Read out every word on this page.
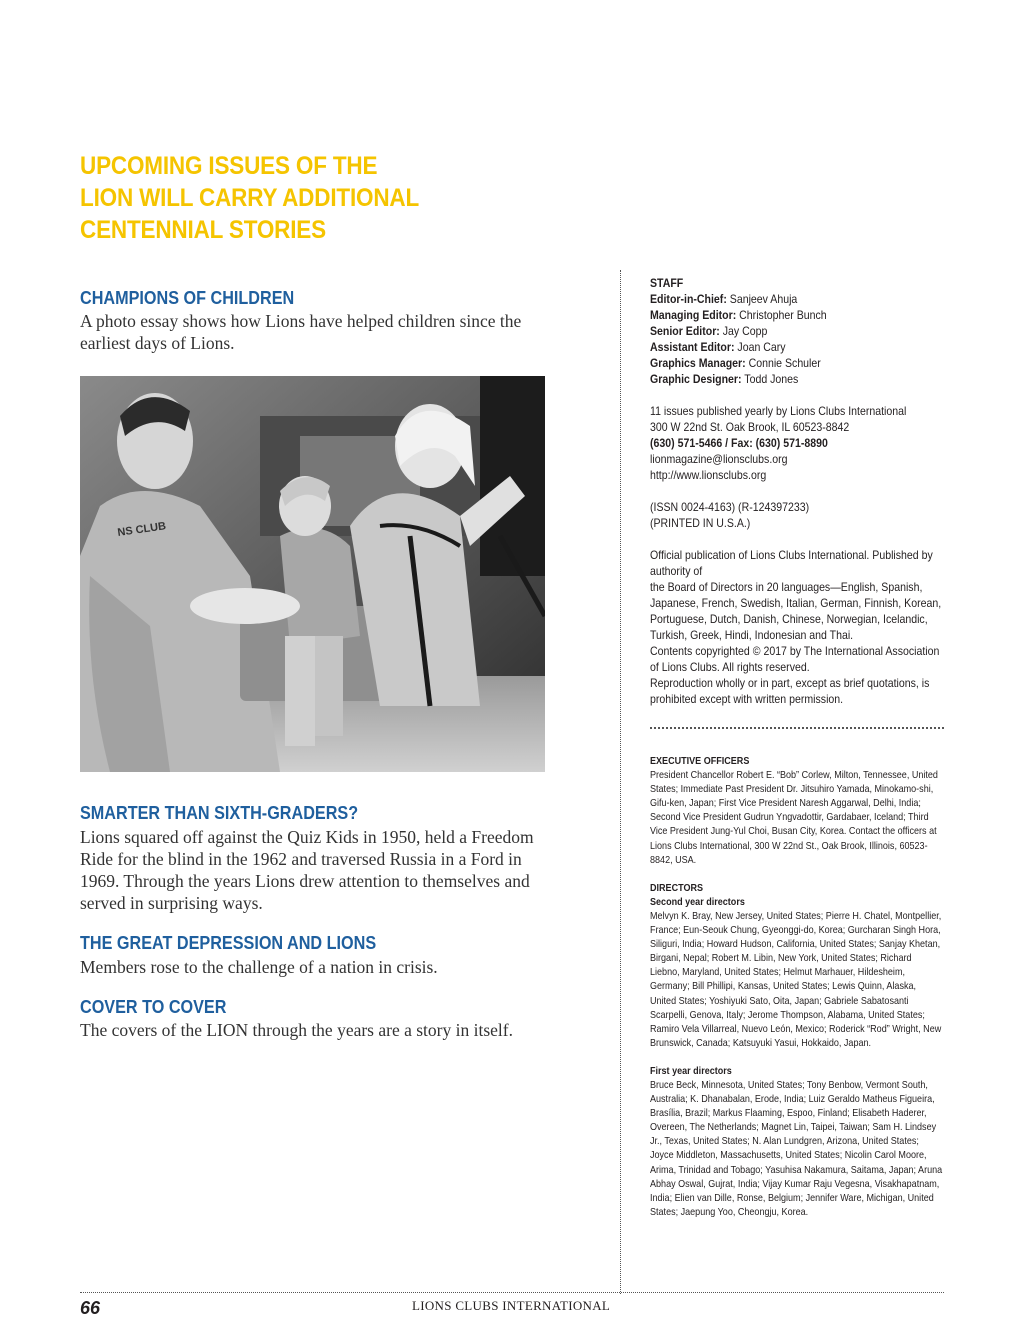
UPCOMING ISSUES OF THE
LION WILL CARRY ADDITIONAL
CENTENNIAL STORIES
CHAMPIONS OF CHILDREN

A photo essay shows how Lions have helped children since the earliest days of Lions.

NS CLUB
SMARTER THAN SIXTH-GRADERS?

Lions squared off against the Quiz Kids in 1950, held a Freedom Ride for the blind in the 1962 and traversed Russia in a Ford in 1969. Through the years Lions drew attention to themselves and served in surprising ways.

THE GREAT DEPRESSION AND LIONS

Members rose to the challenge of a nation in crisis.

COVER TO COVER

The covers of the LION through the years are a story in itself.

STAFF

Editor-in-Chief: Sanjeev Ahuja

Managing Editor: Christopher Bunch

Senior Editor: Jay Copp

Assistant Editor: Joan Cary

Graphics Manager: Connie Schuler

Graphic Designer: Todd Jones

11 issues published yearly by Lions Clubs International

300 W 22nd St. Oak Brook, IL 60523-8842

(630) 571-5466 / Fax: (630) 571-8890

lionmagazine@lionsclubs.org

http://www.lionsclubs.org

(ISSN 0024-4163) (R-124397233)

(PRINTED IN U.S.A.)

Official publication of Lions Clubs International. Published by

authority of

the Board of Directors in 20 languages—English, Spanish, Japanese, French, Swedish, Italian, German, Finnish, Korean, Portuguese, Dutch, Danish, Chinese, Norwegian, Icelandic, Turkish, Greek, Hindi, Indonesian and Thai.

Contents copyrighted © 2017 by The International Association of Lions Clubs. All rights reserved.

Reproduction wholly or in part, except as brief quotations, is prohibited except with written permission.

EXECUTIVE OFFICERS

President Chancellor Robert E. “Bob” Corlew, Milton, Tennessee, United States; Immediate Past President Dr. Jitsuhiro Yamada, Minokamo-shi, Gifu-ken, Japan; First Vice President Naresh Aggarwal, Delhi, India; Second Vice President Gudrun Yngvadottir, Gardabaer, Iceland; Third Vice President Jung-Yul Choi, Busan City, Korea. Contact the officers at Lions Clubs International, 300 W 22nd St., Oak Brook, Illinois, 60523-8842, USA.

DIRECTORS

Second year directors

Melvyn K. Bray, New Jersey, United States; Pierre H. Chatel, Montpellier, France; Eun-Seouk Chung, Gyeonggi-do, Korea; Gurcharan Singh Hora, Siliguri, India; Howard Hudson, California, United States; Sanjay Khetan, Birgani, Nepal; Robert M. Libin, New York, United States; Richard Liebno, Maryland, United States; Helmut Marhauer, Hildesheim, Germany; Bill Phillipi, Kansas, United States; Lewis Quinn, Alaska, United States; Yoshiyuki Sato, Oita, Japan; Gabriele Sabatosanti Scarpelli, Genova, Italy; Jerome Thompson, Alabama, United States; Ramiro Vela Villarreal, Nuevo León, Mexico; Roderick “Rod” Wright, New Brunswick, Canada; Katsuyuki Yasui, Hokkaido, Japan.

First year directors

Bruce Beck, Minnesota, United States; Tony Benbow, Vermont South, Australia; K. Dhanabalan, Erode, India; Luiz Geraldo Matheus Figueira, Brasília, Brazil; Markus Flaaming, Espoo, Finland; Elisabeth Haderer, Overeen, The Netherlands; Magnet Lin, Taipei, Taiwan; Sam H. Lindsey Jr., Texas, United States; N. Alan Lundgren, Arizona, United States; Joyce Middleton, Massachusetts, United States; Nicolin Carol Moore, Arima, Trinidad and Tobago; Yasuhisa Nakamura, Saitama, Japan; Aruna Abhay Oswal, Gujrat, India; Vijay Kumar Raju Vegesna, Visakhapatnam, India; Elien van Dille, Ronse, Belgium; Jennifer Ware, Michigan, United States; Jaepung Yoo, Cheongju, Korea.

66	LIONS CLUBS INTERNATIONAL
